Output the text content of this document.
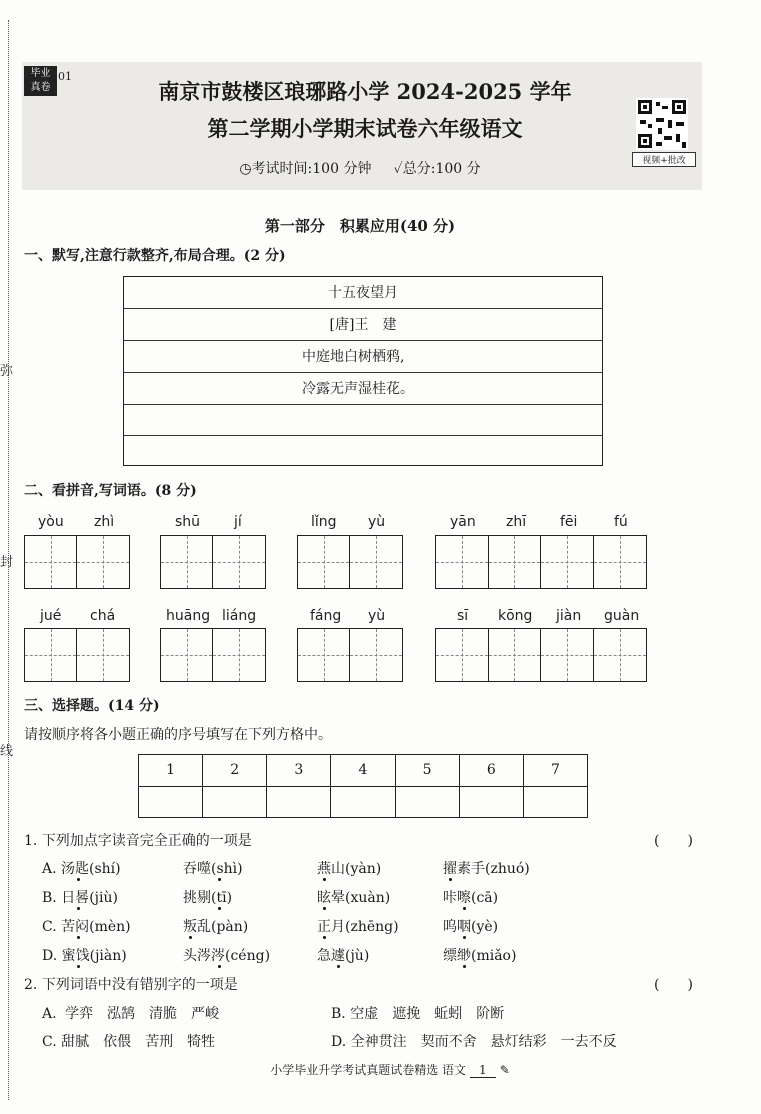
弥
封
线
毕业
真卷
01
南京市鼓楼区琅琊路小学 2024-2025 学年
第二学期小学期末试卷六年级语文
◷考试时间:100 分钟 ✓总分:100 分	视频+批改
第一部分　积累应用(40 分)
一、默写,注意行款整齐,布局合理。(2 分)
十五夜望月
[唐]王　建
中庭地白树栖鸦,
冷露无声湿桂花。
二、看拼音,写词语。(8 分)
yòu zhì	shū jí	lǐng yù	yān zhī fēi	fú
jué chá	huāng liáng	fáng yù	sī kōng jiàn guàn
三、选择题。(14 分)
请按顺序将各小题正确的序号填写在下列方格中。
1	2	3	4	5	6	7
1. 下列加点字读音完全正确的一项是	(　　)
A. 汤匙(shí)	吞噬(shì)	燕山(yàn)	擢素手(zhuó)
B. 日晷(jiù)	挑剔(tī)	眩晕(xuàn)	咔嚓(cā)
C. 苦闷(mèn)	叛乱(pàn)	正月(zhēng)	呜咽(yè)
D. 蜜饯(jiàn)	头涔涔(céng)	急遽(jù)	缥缈(miǎo)
2. 下列词语中没有错别字的一项是	(　　)
A. 学弈　泓鹄　清脆　严峻	B. 空虚　遮挽　蚯蚓　阶断
C. 甜腻　依偎　苦刑　犄牲	D. 全神贯注　契而不舍　悬灯结彩　一去不反
小学毕业升学考试真题试卷精选 语文 1 ✎
